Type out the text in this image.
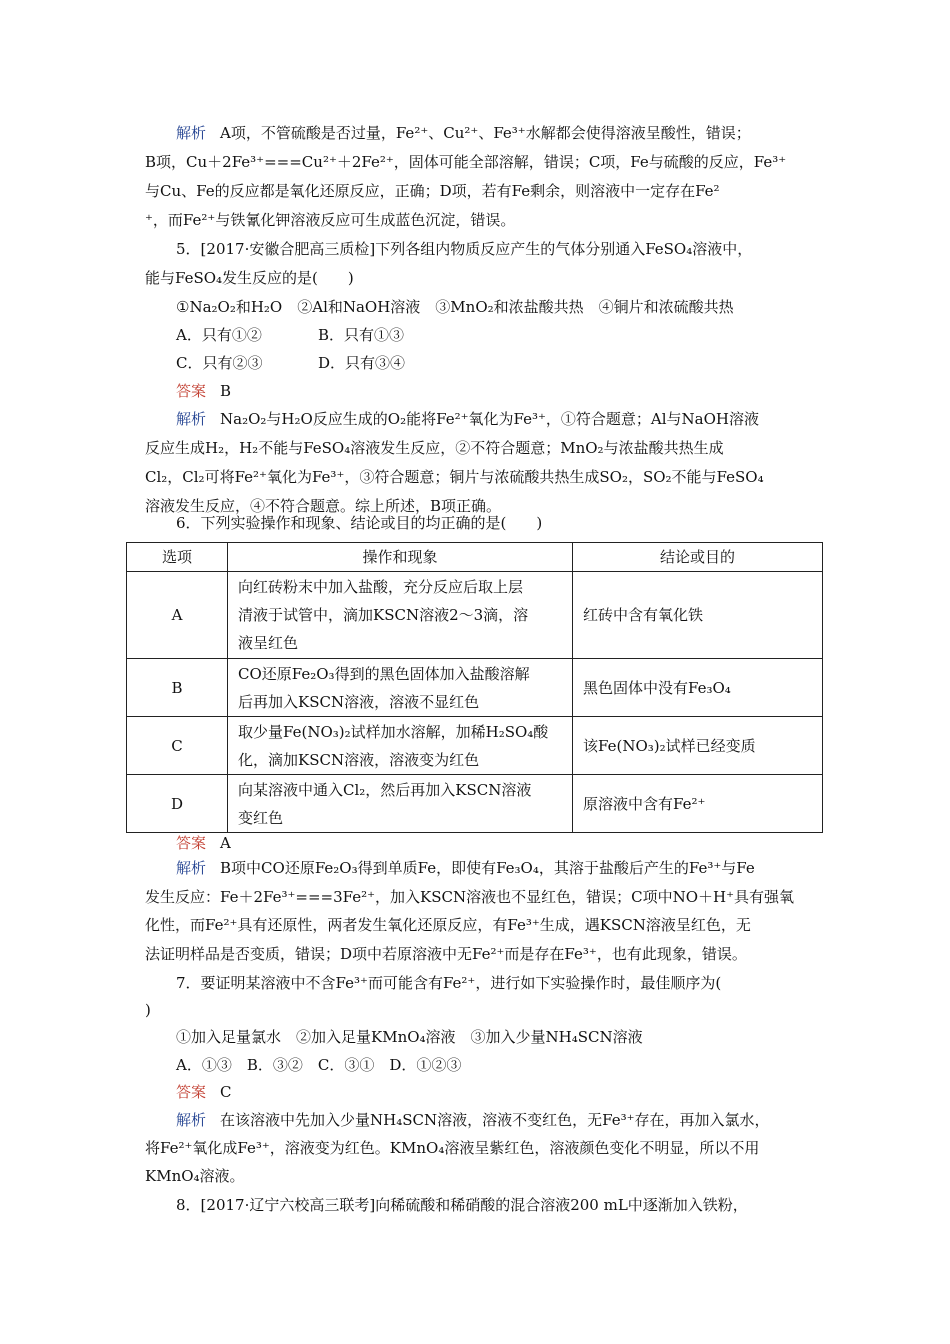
解析 A项，不管硫酸是否过量，Fe²⁺、Cu²⁺、Fe³⁺水解都会使得溶液呈酸性，错误；
B项，Cu＋2Fe³⁺===Cu²⁺＋2Fe²⁺，固体可能全部溶解，错误；C项，Fe与硫酸的反应，Fe³⁺
与Cu、Fe的反应都是氧化还原反应，正确；D项，若有Fe剩余，则溶液中一定存在Fe²
⁺，而Fe²⁺与铁氰化钾溶液反应可生成蓝色沉淀，错误。
5．[2017·安徽合肥高三质检]下列各组内物质反应产生的气体分别通入FeSO₄溶液中，
能与FeSO₄发生反应的是(　　)
①Na₂O₂和H₂O　②Al和NaOH溶液　③MnO₂和浓盐酸共热　④铜片和浓硫酸共热
A．只有①②	B．只有①③
C．只有②③	D．只有③④
答案 B
解析 Na₂O₂与H₂O反应生成的O₂能将Fe²⁺氧化为Fe³⁺，①符合题意；Al与NaOH溶液
反应生成H₂，H₂不能与FeSO₄溶液发生反应，②不符合题意；MnO₂与浓盐酸共热生成
Cl₂，Cl₂可将Fe²⁺氧化为Fe³⁺，③符合题意；铜片与浓硫酸共热生成SO₂，SO₂不能与FeSO₄
溶液发生反应，④不符合题意。综上所述，B项正确。
6．下列实验操作和现象、结论或目的均正确的是(　　)
选项	操作和现象	结论或目的
A	向红砖粉末中加入盐酸，充分反应后取上层
清液于试管中，滴加KSCN溶液2～3滴，溶
液呈红色	红砖中含有氧化铁
B	CO还原Fe₂O₃得到的黑色固体加入盐酸溶解
后再加入KSCN溶液，溶液不显红色	黑色固体中没有Fe₃O₄
C	取少量Fe(NO₃)₂试样加水溶解，加稀H₂SO₄酸
化，滴加KSCN溶液，溶液变为红色	该Fe(NO₃)₂试样已经变质
D	向某溶液中通入Cl₂，然后再加入KSCN溶液
变红色	原溶液中含有Fe²⁺
答案 A
解析 B项中CO还原Fe₂O₃得到单质Fe，即使有Fe₃O₄，其溶于盐酸后产生的Fe³⁺与Fe
发生反应：Fe＋2Fe³⁺===3Fe²⁺，加入KSCN溶液也不显红色，错误；C项中NO＋H⁺具有强氧
化性，而Fe²⁺具有还原性，两者发生氧化还原反应，有Fe³⁺生成，遇KSCN溶液呈红色，无
法证明样品是否变质，错误；D项中若原溶液中无Fe²⁺而是存在Fe³⁺，也有此现象，错误。
7．要证明某溶液中不含Fe³⁺而可能含有Fe²⁺，进行如下实验操作时，最佳顺序为(
)
①加入足量氯水　②加入足量KMnO₄溶液　③加入少量NH₄SCN溶液
A．①③　B．③②　C．③①　D．①②③
答案 C
解析 在该溶液中先加入少量NH₄SCN溶液，溶液不变红色，无Fe³⁺存在，再加入氯水，
将Fe²⁺氧化成Fe³⁺，溶液变为红色。KMnO₄溶液呈紫红色，溶液颜色变化不明显，所以不用
KMnO₄溶液。
8．[2017·辽宁六校高三联考]向稀硫酸和稀硝酸的混合溶液200 mL中逐渐加入铁粉，
